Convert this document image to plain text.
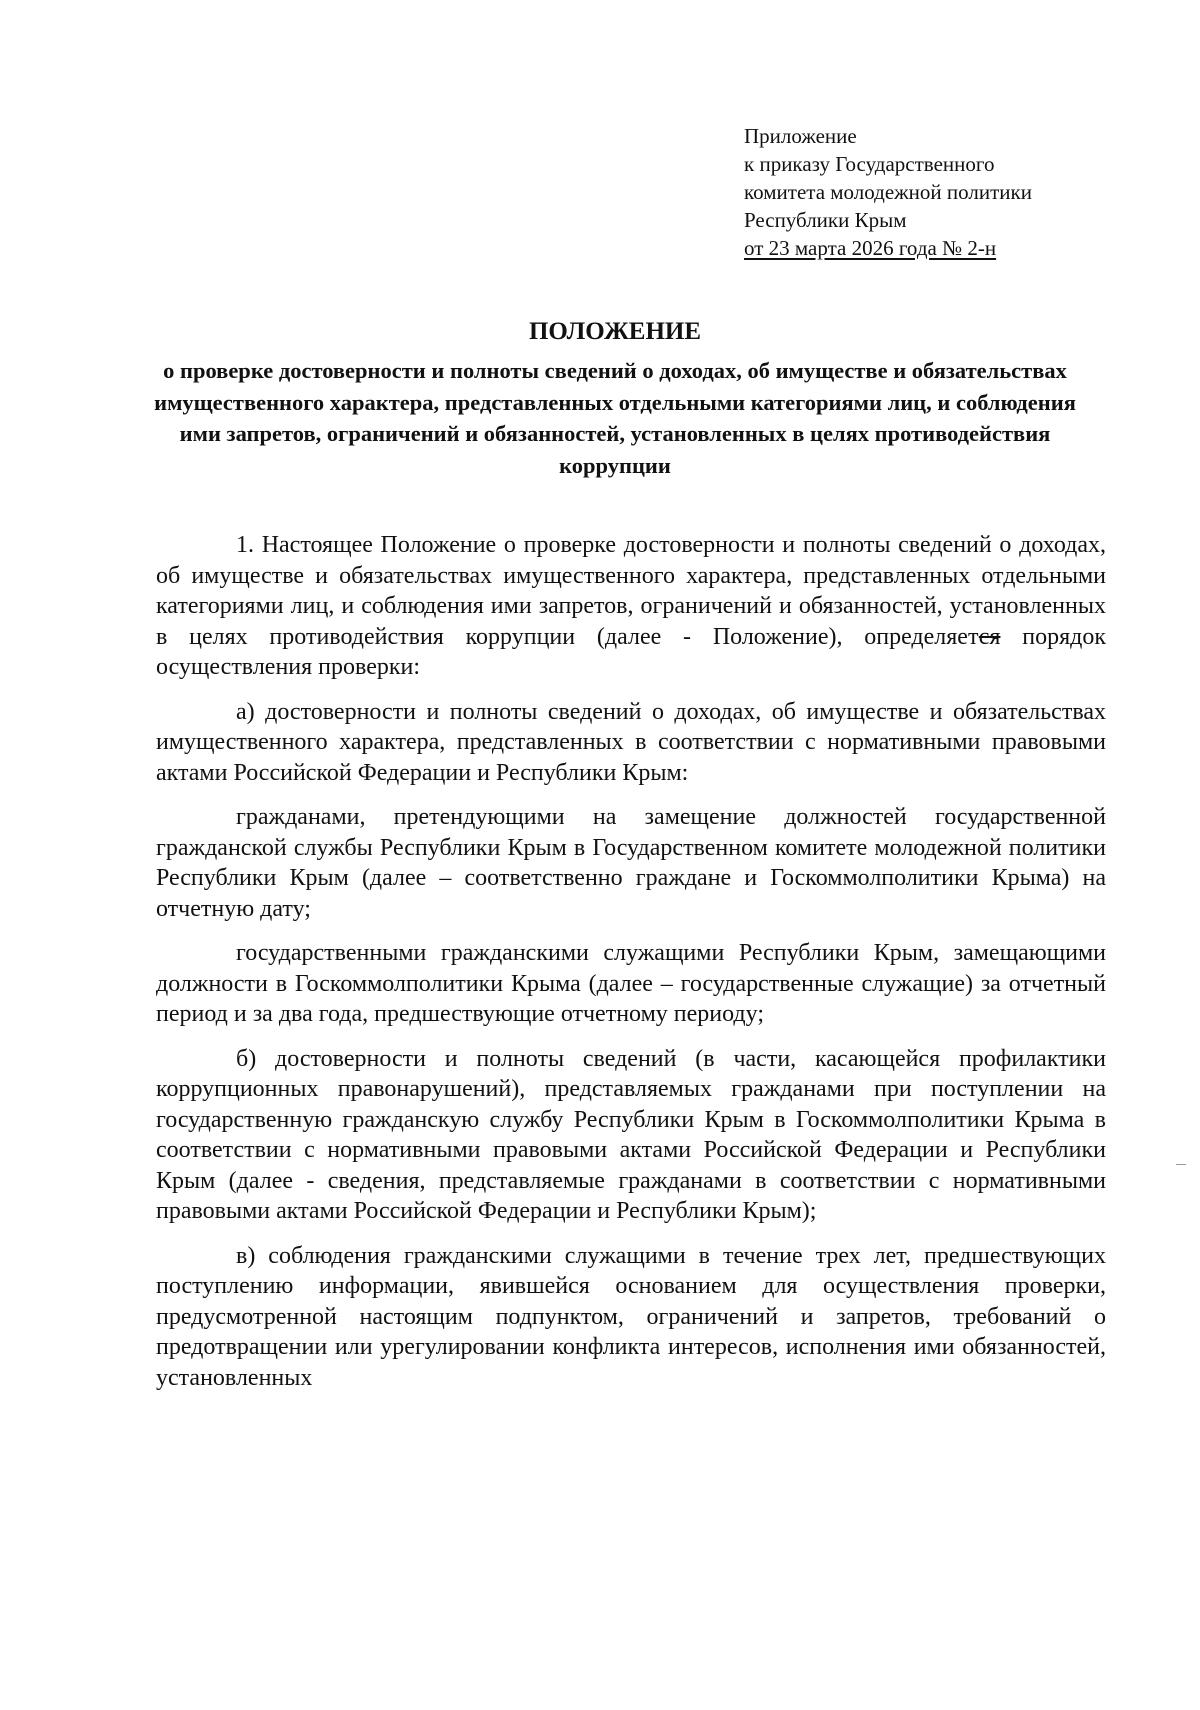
Приложение
к приказу Государственного
комитета молодежной политики
Республики Крым
от 23 марта 2026 года № 2-н
ПОЛОЖЕНИЕ
о проверке достоверности и полноты сведений о доходах, об имуществе и обязательствах имущественного характера, представленных отдельными категориями лиц, и соблюдения ими запретов, ограничений и обязанностей, установленных в целях противодействия коррупции

1. Настоящее Положение о проверке достоверности и полноты сведений о доходах, об имуществе и обязательствах имущественного характера, представленных отдельными категориями лиц, и соблюдения ими запретов, ограничений и обязанностей, установленных в целях противодействия коррупции (далее - Положение), определяется порядок осуществления проверки:

а) достоверности и полноты сведений о доходах, об имуществе и обязательствах имущественного характера, представленных в соответствии с нормативными правовыми актами Российской Федерации и Республики Крым:

гражданами, претендующими на замещение должностей государственной гражданской службы Республики Крым в Государственном комитете молодежной политики Республики Крым (далее – соответственно граждане и Госкоммолполитики Крыма) на отчетную дату;

государственными гражданскими служащими Республики Крым, замещающими должности в Госкоммолполитики Крыма (далее – государственные служащие) за отчетный период и за два года, предшествующие отчетному периоду;

б) достоверности и полноты сведений (в части, касающейся профилактики коррупционных правонарушений), представляемых гражданами при поступлении на государственную гражданскую службу Республики Крым в Госкоммолполитики Крыма в соответствии с нормативными правовыми актами Российской Федерации и Республики Крым (далее - сведения, представляемые гражданами в соответствии с нормативными правовыми актами Российской Федерации и Республики Крым);

в) соблюдения гражданскими служащими в течение трех лет, предшествующих поступлению информации, явившейся основанием для осуществления проверки, предусмотренной настоящим подпунктом, ограничений и запретов, требований о предотвращении или урегулировании конфликта интересов, исполнения ими обязанностей, установленных
